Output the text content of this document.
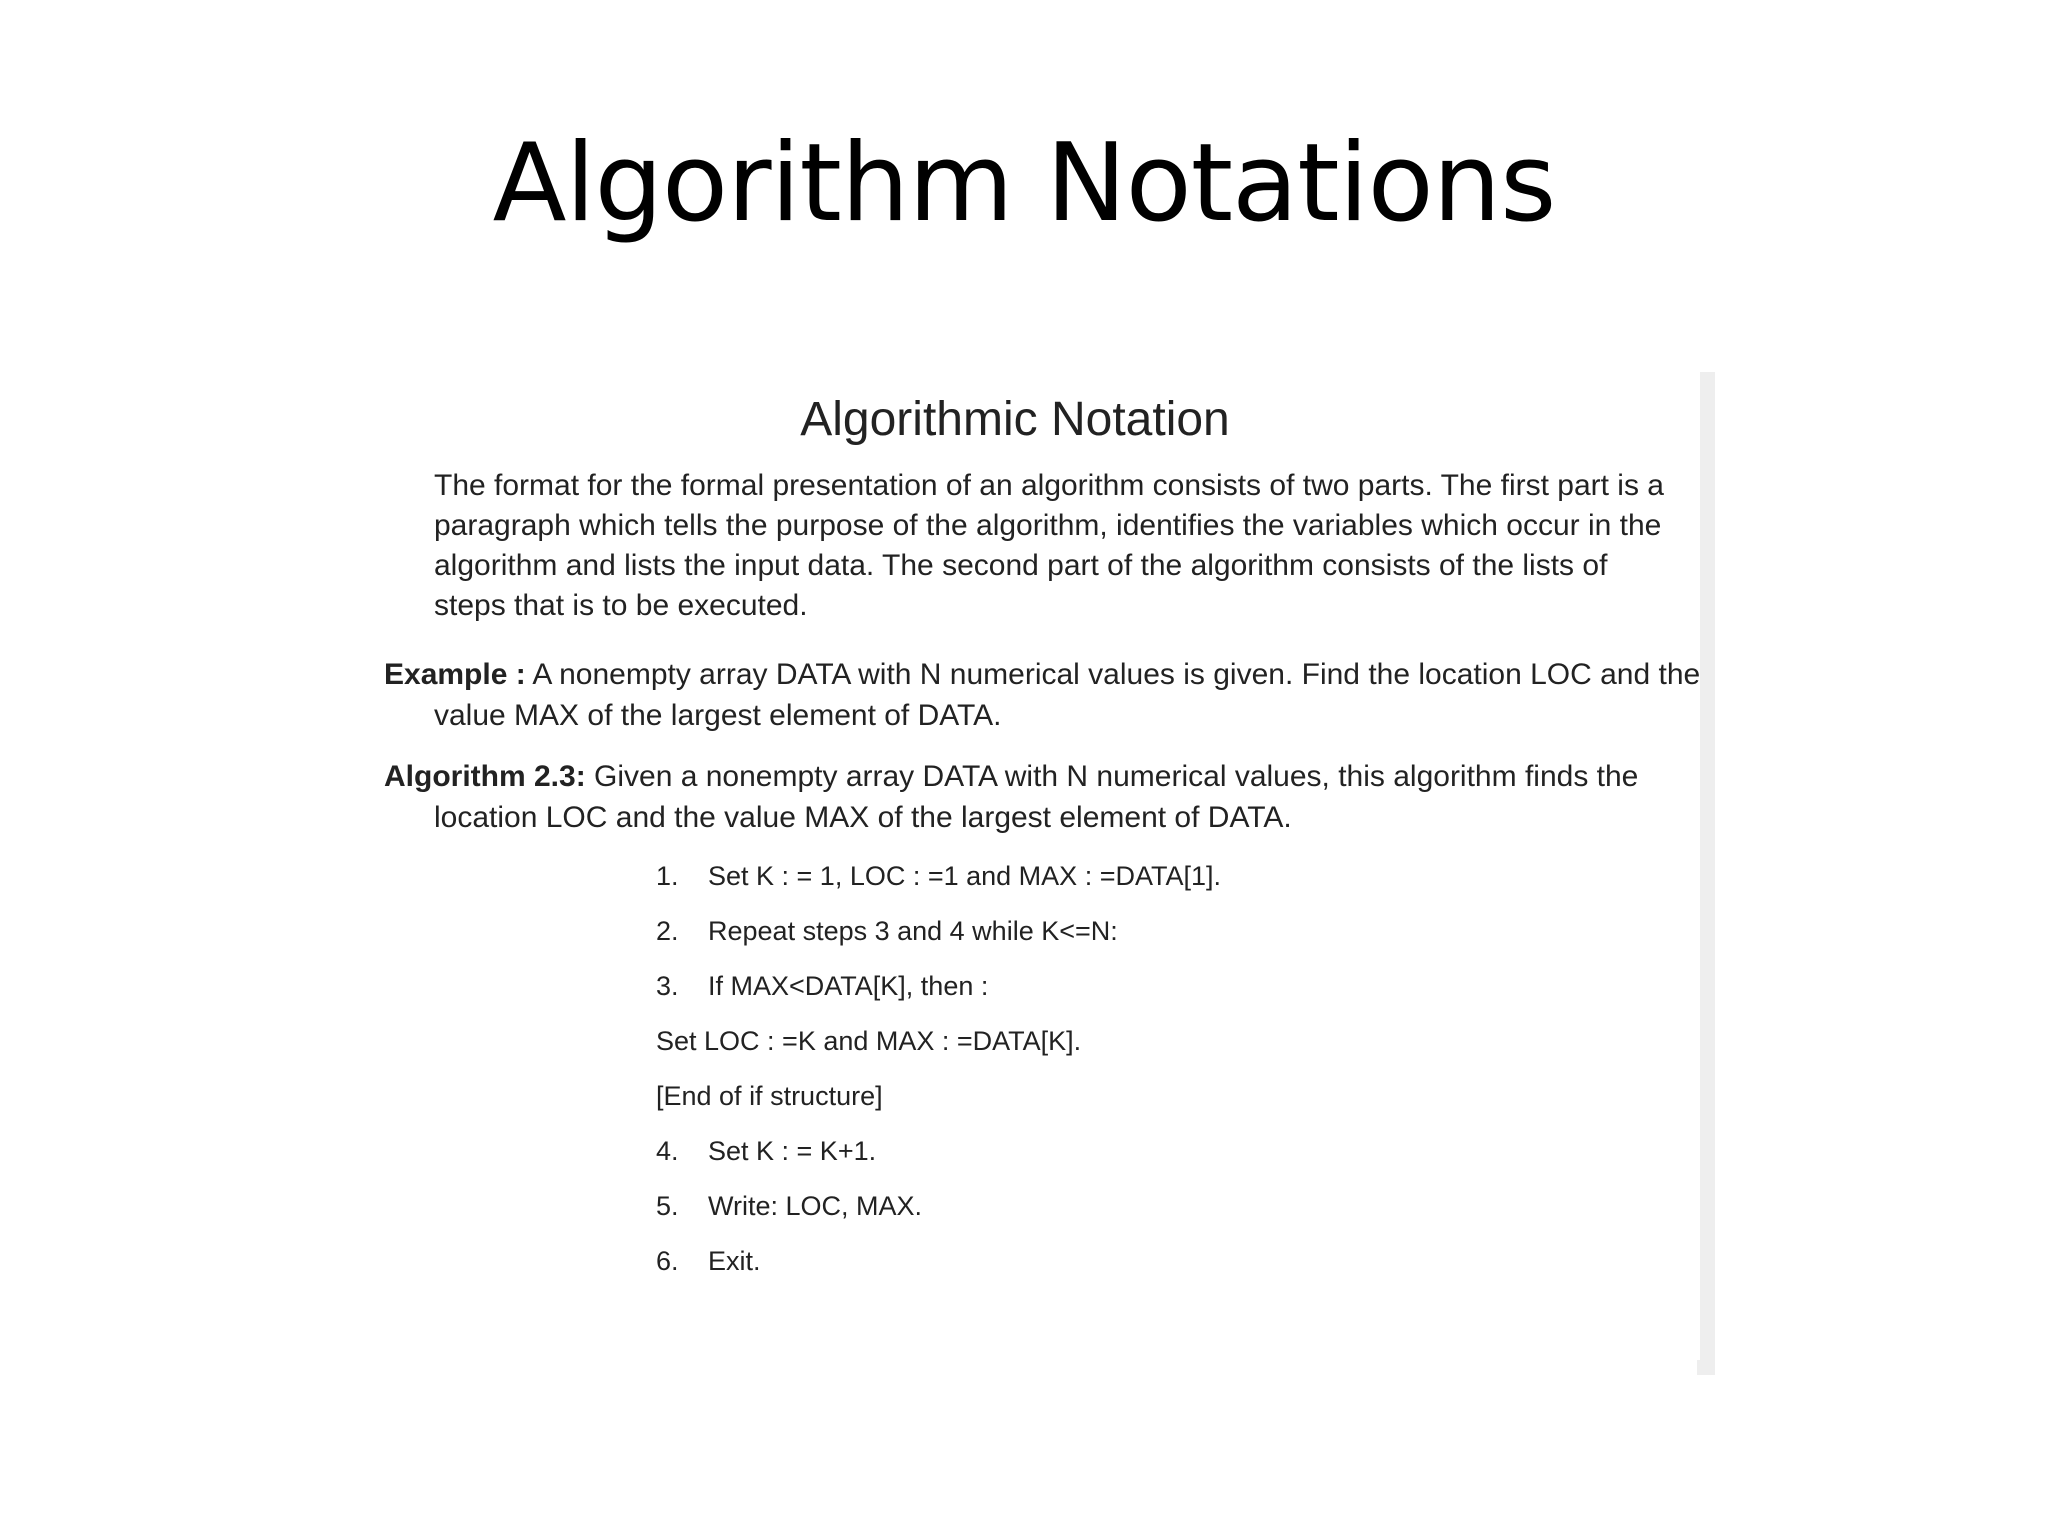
Algorithm Notations
Algorithmic Notation
The format for the formal presentation of an algorithm consists of two parts. The first part is a paragraph which tells the purpose of the algorithm, identifies the variables which occur in the algorithm and lists the input data. The second part of the algorithm consists of the lists of steps that is to be executed.
Example : A nonempty array DATA with N numerical values is given. Find the location LOC and the value MAX of the largest element of DATA.
Algorithm 2.3: Given a nonempty array DATA with N numerical values, this algorithm finds the location LOC and the value MAX of the largest element of DATA.
1. Set K : = 1, LOC : =1 and MAX : =DATA[1].
2. Repeat steps 3 and 4 while K<=N:
3. If MAX<DATA[K], then :
Set LOC : =K and MAX : =DATA[K].
[End of if structure]
4. Set K : = K+1.
5. Write: LOC, MAX.
6. Exit.
